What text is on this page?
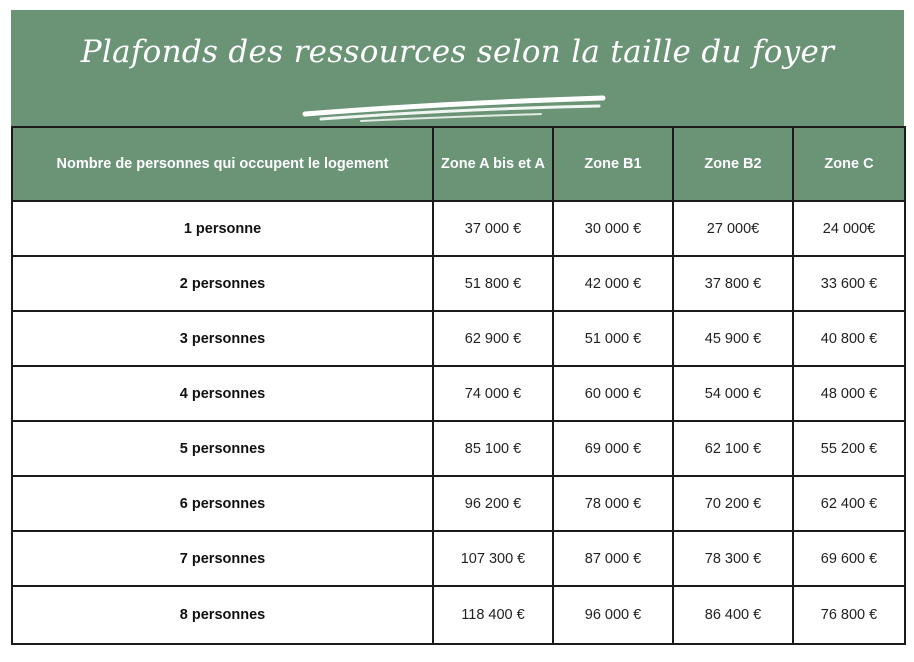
Plafonds des ressources selon la taille du foyer
Nombre de personnes qui occupent le logement	Zone A bis et A	Zone B1	Zone B2	Zone C
1 personne	37 000 €	30 000 €	27 000€	24 000€
2 personnes	51 800 €	42 000 €	37 800 €	33 600 €
3 personnes	62 900 €	51 000 €	45 900 €	40 800 €
4 personnes	74 000 €	60 000 €	54 000 €	48 000 €
5 personnes	85 100 €	69 000 €	62 100 €	55 200 €
6 personnes	96 200 €	78 000 €	70 200 €	62 400 €
7 personnes	107 300 €	87 000 €	78 300 €	69 600 €
8 personnes	118 400 €	96 000 €	86 400 €	76 800 €
